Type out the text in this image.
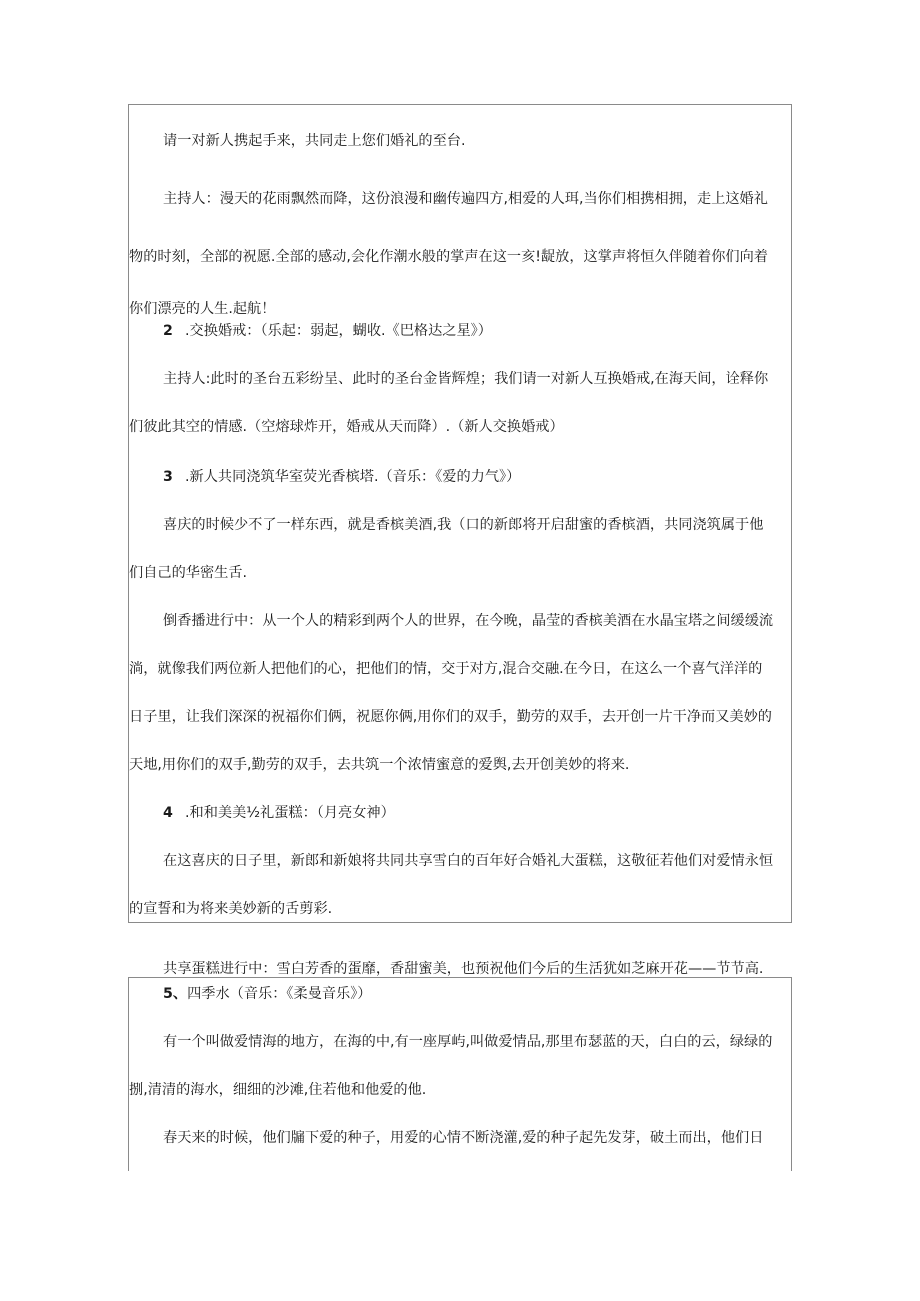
请一对新人携起手来，共同走上您们婚礼的至台.
主持人：漫天的花雨飘然而降，这份浪漫和幽传遍四方,相爱的人珥,当你们相携相拥，走上这婚礼
物的时刻，全部的祝愿.全部的感动,会化作潮水般的掌声在这一亥!龊放，这掌声将恒久伴随着你们向着
你们漂亮的人生.起航！
2 .交换婚戒：（乐起：弱起，蝴收.《巴格达之星》）
主持人:此时的圣台五彩纷呈、此时的圣台金皆辉煌；我们请一对新人互换婚戒,在海天间，诠释你
们彼此其空的情感.（空熔球炸开，婚戒从天而降）.（新人交换婚戒）
3 .新人共同浇筑华室荧光香槟塔.（音乐：《爱的力气》）
喜庆的时候少不了一样东西，就是香槟美酒,我（口的新郎将开启甜蜜的香槟酒，共同浇筑属于他
们自己的华密生舌.
倒香播进行中：从一个人的精彩到两个人的世界，在今晚，晶莹的香槟美酒在水晶宝塔之间缓缓流
淌，就像我们两位新人把他们的心，把他们的情，交于对方,混合交融.在今日，在这么一个喜气洋洋的
日子里，让我们深深的祝福你们俩，祝愿你俩,用你们的双手，勤劳的双手，去开创一片干净而又美妙的
天地,用你们的双手,勤劳的双手，去共筑一个浓情蜜意的爱舆,去开创美妙的将来.
4 .和和美美½礼蛋糕：（月亮女神）
在这喜庆的日子里，新郎和新娘将共同共享雪白的百年好合婚礼大蛋糕，这敬征若他们对爱情永恒
的宣誓和为将来美妙新的舌剪彩.
共享蛋糕进行中：雪白芳香的蛋靡，香甜蜜美，也预祝他们今后的生活犹如芝麻开花——节节高.
5、四季水（音乐：《柔曼音乐》）
有一个叫做爱情海的地方，在海的中,有一座厚屿,叫做爱情品,那里布瑟蓝的天，白白的云，绿绿的
捌,清清的海水，细细的沙滩,住若他和他爱的他.
春天来的时候，他们牖下爱的种子，用爱的心情不断浇灌,爱的种子起先发芽，破土而出，他们日
